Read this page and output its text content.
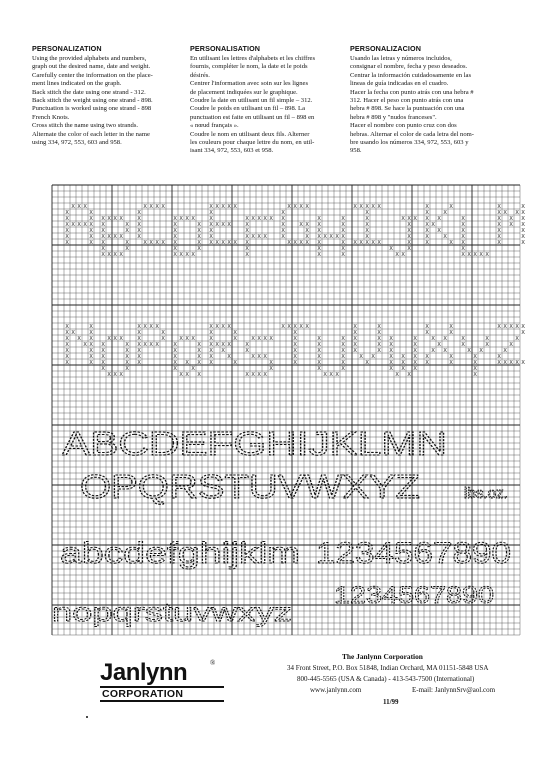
PERSONALIZATION
Using the provided alphabets and numbers,
graph out the desired name, date and weight.
Carefully center the information on the place-
ment lines indicated on the graph.
Back stitch the date using one strand - 312.
Back stitch the weight using one strand - 898.
Punctuation is worked using one strand - 898
French Knots.
Cross stitch the name using two strands.
Alternate the color of each letter in the name
using 334, 972, 553, 603 and 958.
PERSONALISATION
En utilisant les lettres d'alphabets et les chiffres
fournis, compléter le nom, la date et le poids
désirés.
Centrer l'information avec soin sur les lignes
de placement indiquées sur le graphique.
Coudre la date en utilisant un fil simple – 312.
Coudre le poids en utilisant un fil – 898. La
punctuation est faite en utilisant un fil – 898 en
« nœud français ».
Coudre le nom en utilisant deux fils. Alterner
les couleurs pour chaque lettre du nom, en util-
isant 334, 972, 553, 603 et 958.
PERSONALIZACION
Usando las letras y números incluidos,
consignar el nombre, fecha y peso deseados.
Centrar la información cuidadosamente en las
lineas de guía indicadas en el cuadro.
Hacer la fecha con punto atrás con una hebra #
312. Hacer el peso con punto atrás con una
hebra # 898. Se hace la puntuación con una
hebra # 898 y "nudos franceses".
Hacer el nombre con punto cruz con dos
hebras. Alternar el color de cada letra del nom-
bre usando los números 334, 972, 553, 603 y
958.
X X X
X	X
X	X
X X X X X
X	X
X	X
X	X
X X X X
X	X
X	X
X X X X
X	X
X	X
X X X X
X X X X
X
X
X
X
X
X X X X
X X X X
X	X
X	X
X	X
X	X
X	X
X X X X
X X X X X
X
X
X X X X
X
X
X X X X X
X X X X X
X
X
X X X X
X
X
X
X X X X
X
X
X	X X
X	X
X	X
X X X X
X	X
X	X
X	X
X X X X X
X	X
X	X
X	X
X X X X X
X
X
X
X
X
X X X X X
X X X
X
X
X
X
X	X
X X
X	X
X	X
X X
X X
X X
X	X
X	X
X
X
X
X
X
X
X X X X X
X	X
X X X X
X X X
X X X
X	X
X	X
X	X
X	X
X X	X
X X X
X	X X
X	X
X	X
X	X
X X X
X	X
X	X
X	X
X	X
X	X
X X X
X X X X
X	X
X	X
X X X X
X
X
X
X X X
X	X
X	X
X	X
X X X
X	X
X X X
X X X X
X	X
X	X
X X X X
X X
X	X
X	X
X X X X
X
X
X X X
X
X
X X X X
X X X X X
X
X
X
X
X
X
X	X
X	X
X	X
X	X
X	X
X	X
X X X
X	X
X	X
X	X
X	X
X	X
X X
X
X	X
X	X
X	X
X X X
X X X
X X X
X X
X	X
X	X
X X
X
X X
X	X
X	X
X	X
X	X
X X
X
X
X
X
X X X X X
X
X
X
X
X
X X X X X
ABCDEFGHIJKLMN
OPQRSTUVWXYZ	lbs.oz.
abcdefghijklm 1234567890
nopqrstuvwxyz
1234567890
Janlynn	®
CORPORATION
The Janlynn Corporation
34 Front Street, P.O. Box 51848, Indian Orchard, MA 01151-5848 USA
800-445-5565 (USA & Canada) - 413-543-7500 (International)
www.janlynn.com	E-mail: JanlynnSrv@aol.com
11/99
